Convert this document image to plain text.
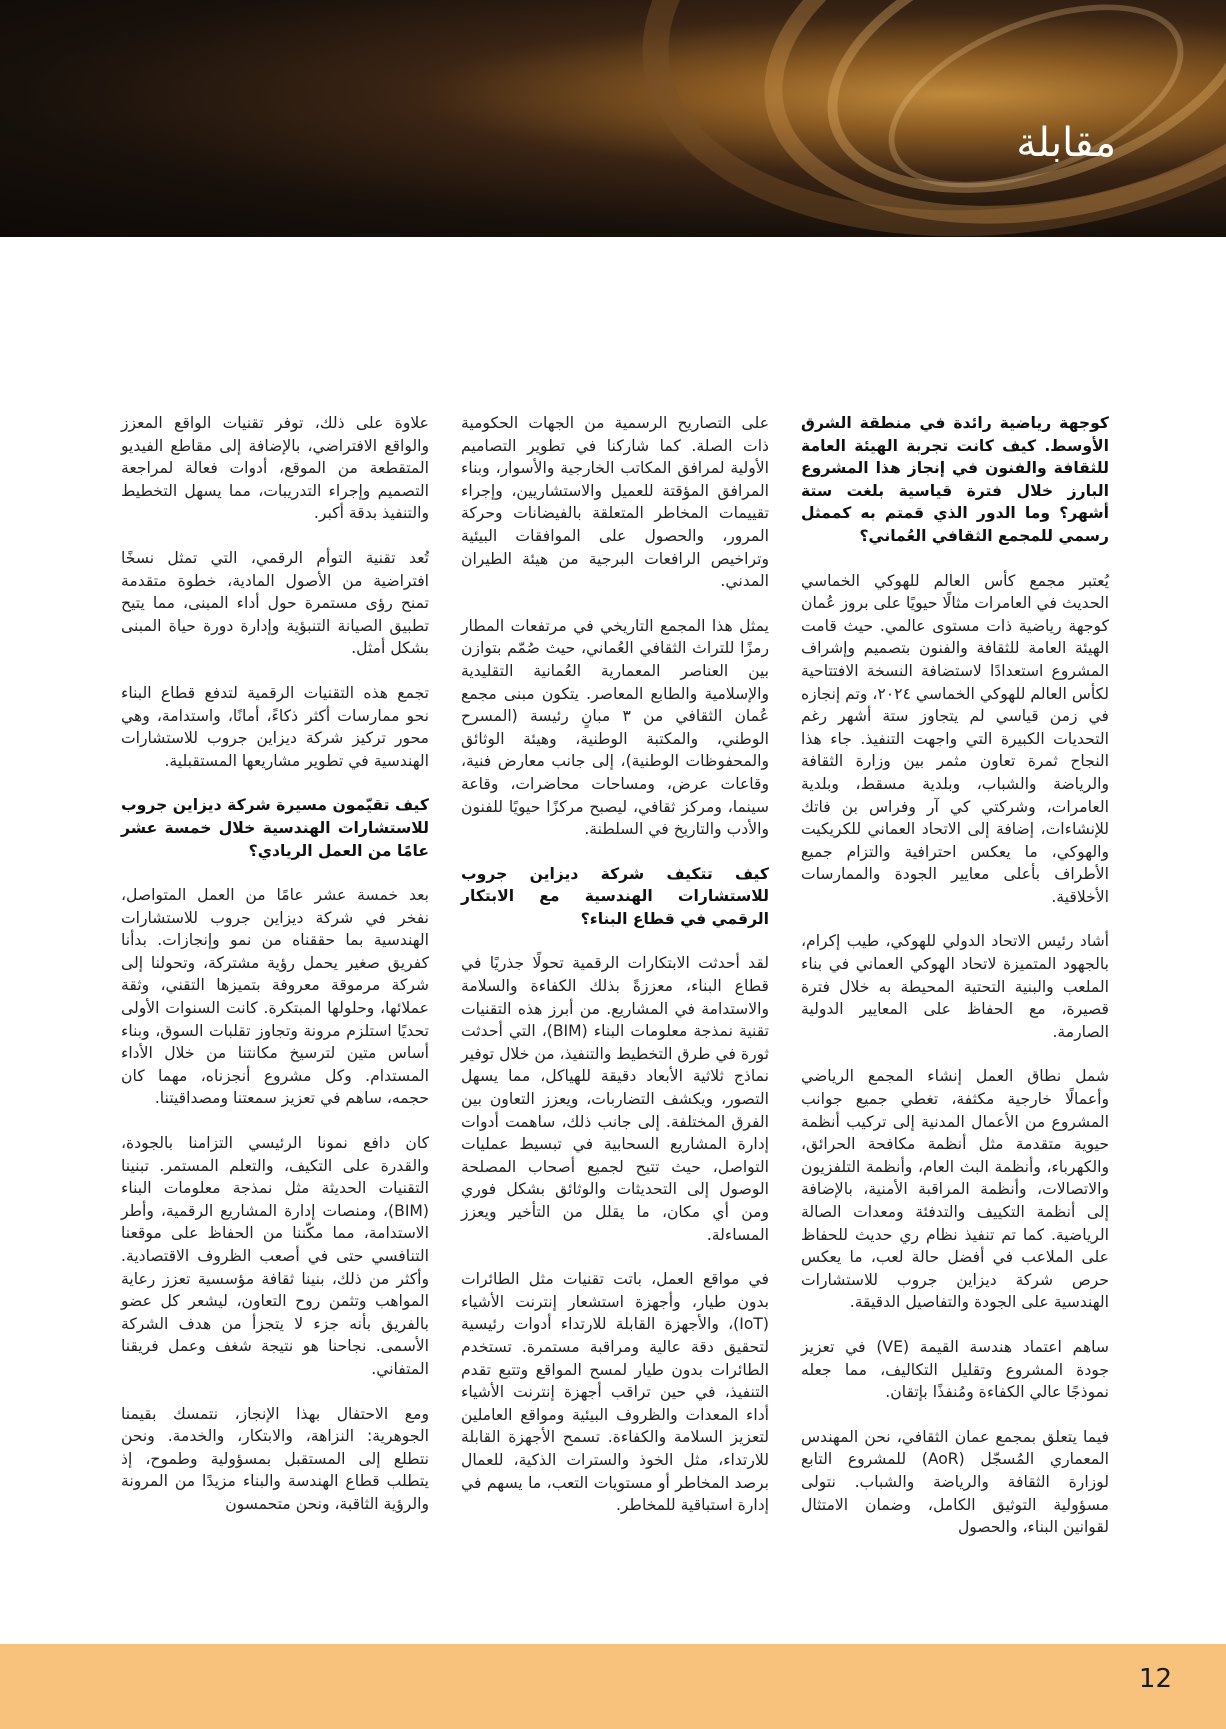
مقابلة
كوجهة رياضية رائدة في منطقة الشرق الأوسط. كيف كانت تجربة الهيئة العامة للثقافة والفنون في إنجاز هذا المشروع البارز خلال فترة قياسية بلغت ستة أشهر؟ وما الدور الذي قمتم به كممثل رسمي للمجمع الثقافي العُماني؟

يُعتبر مجمع كأس العالم للهوكي الخماسي الحديث في العامرات مثالًا حيويًا على بروز عُمان كوجهة رياضية ذات مستوى عالمي. حيث قامت الهيئة العامة للثقافة والفنون بتصميم وإشراف المشروع استعدادًا لاستضافة النسخة الافتتاحية لكأس العالم للهوكي الخماسي ٢٠٢٤، وتم إنجازه في زمن قياسي لم يتجاوز ستة أشهر رغم التحديات الكبيرة التي واجهت التنفيذ. جاء هذا النجاح ثمرة تعاون مثمر بين وزارة الثقافة والرياضة والشباب، وبلدية مسقط، وبلدية العامرات، وشركتي كي آر وفراس بن فاتك للإنشاءات، إضافة إلى الاتحاد العماني للكريكيت والهوكي، ما يعكس احترافية والتزام جميع الأطراف بأعلى معايير الجودة والممارسات الأخلاقية.

أشاد رئيس الاتحاد الدولي للهوكي، طيب إكرام، بالجهود المتميزة لاتحاد الهوكي العماني في بناء الملعب والبنية التحتية المحيطة به خلال فترة قصيرة، مع الحفاظ على المعايير الدولية الصارمة.

شمل نطاق العمل إنشاء المجمع الرياضي وأعمالًا خارجية مكثفة، تغطي جميع جوانب المشروع من الأعمال المدنية إلى تركيب أنظمة حيوية متقدمة مثل أنظمة مكافحة الحرائق، والكهرباء، وأنظمة البث العام، وأنظمة التلفزيون والاتصالات، وأنظمة المراقبة الأمنية، بالإضافة إلى أنظمة التكييف والتدفئة ومعدات الصالة الرياضية. كما تم تنفيذ نظام ري حديث للحفاظ على الملاعب في أفضل حالة لعب، ما يعكس حرص شركة ديزاين جروب للاستشارات الهندسية على الجودة والتفاصيل الدقيقة.

ساهم اعتماد هندسة القيمة (VE) في تعزيز جودة المشروع وتقليل التكاليف، مما جعله نموذجًا عالي الكفاءة ومُنفذًا بإتقان.

فيما يتعلق بمجمع عمان الثقافي، نحن المهندس المعماري المُسجّل (AoR) للمشروع التابع لوزارة الثقافة والرياضة والشباب. نتولى مسؤولية التوثيق الكامل، وضمان الامتثال لقوانين البناء، والحصول

على التصاريح الرسمية من الجهات الحكومية ذات الصلة. كما شاركنا في تطوير التصاميم الأولية لمرافق المكاتب الخارجية والأسوار، وبناء المرافق المؤقتة للعميل والاستشاريين، وإجراء تقييمات المخاطر المتعلقة بالفيضانات وحركة المرور، والحصول على الموافقات البيئية وتراخيص الرافعات البرجية من هيئة الطيران المدني.

يمثل هذا المجمع التاريخي في مرتفعات المطار رمزًا للتراث الثقافي العُماني، حيث صُمّم بتوازن بين العناصر المعمارية العُمانية التقليدية والإسلامية والطابع المعاصر. يتكون مبنى مجمع عُمان الثقافي من ٣ مبانٍ رئيسة (المسرح الوطني، والمكتبة الوطنية، وهيئة الوثائق والمحفوظات الوطنية)، إلى جانب معارض فنية، وقاعات عرض، ومساحات محاضرات، وقاعة سينما، ومركز ثقافي، ليصبح مركزًا حيويًا للفنون والأدب والتاريخ في السلطنة.

كيف تتكيف شركة ديزاين جروب للاستشارات الهندسية مع الابتكار الرقمي في قطاع البناء؟

لقد أحدثت الابتكارات الرقمية تحولًا جذريًا في قطاع البناء، معززةً بذلك الكفاءة والسلامة والاستدامة في المشاريع. من أبرز هذه التقنيات تقنية نمذجة معلومات البناء (BIM)، التي أحدثت ثورة في طرق التخطيط والتنفيذ، من خلال توفير نماذج ثلاثية الأبعاد دقيقة للهياكل، مما يسهل التصور، ويكشف التضاربات، ويعزز التعاون بين الفرق المختلفة. إلى جانب ذلك، ساهمت أدوات إدارة المشاريع السحابية في تبسيط عمليات التواصل، حيث تتيح لجميع أصحاب المصلحة الوصول إلى التحديثات والوثائق بشكل فوري ومن أي مكان، ما يقلل من التأخير ويعزز المساءلة.

في مواقع العمل، باتت تقنيات مثل الطائرات بدون طيار، وأجهزة استشعار إنترنت الأشياء (IoT)، والأجهزة القابلة للارتداء أدوات رئيسية لتحقيق دقة عالية ومراقبة مستمرة. تستخدم الطائرات بدون طيار لمسح المواقع وتتبع تقدم التنفيذ، في حين تراقب أجهزة إنترنت الأشياء أداء المعدات والظروف البيئية ومواقع العاملين لتعزيز السلامة والكفاءة. تسمح الأجهزة القابلة للارتداء، مثل الخوذ والسترات الذكية، للعمال برصد المخاطر أو مستويات التعب، ما يسهم في إدارة استباقية للمخاطر.

علاوة على ذلك، توفر تقنيات الواقع المعزز والواقع الافتراضي، بالإضافة إلى مقاطع الفيديو المتقطعة من الموقع، أدوات فعالة لمراجعة التصميم وإجراء التدريبات، مما يسهل التخطيط والتنفيذ بدقة أكبر.

تُعد تقنية التوأم الرقمي، التي تمثل نسخًا افتراضية من الأصول المادية، خطوة متقدمة تمنح رؤى مستمرة حول أداء المبنى، مما يتيح تطبيق الصيانة التنبؤية وإدارة دورة حياة المبنى بشكل أمثل.

تجمع هذه التقنيات الرقمية لتدفع قطاع البناء نحو ممارسات أكثر ذكاءً، أمانًا، واستدامة، وهي محور تركيز شركة ديزاين جروب للاستشارات الهندسية في تطوير مشاريعها المستقبلية.

كيف تقيّمون مسيرة شركة ديزاين جروب للاستشارات الهندسية خلال خمسة عشر عامًا من العمل الريادي؟

بعد خمسة عشر عامًا من العمل المتواصل، نفخر في شركة ديزاين جروب للاستشارات الهندسية بما حققناه من نمو وإنجازات. بدأنا كفريق صغير يحمل رؤية مشتركة، وتحولنا إلى شركة مرموقة معروفة بتميزها التقني، وثقة عملائها، وحلولها المبتكرة. كانت السنوات الأولى تحديًا استلزم مرونة وتجاوز تقلبات السوق، وبناء أساس متين لترسيخ مكانتنا من خلال الأداء المستدام. وكل مشروع أنجزناه، مهما كان حجمه، ساهم في تعزيز سمعتنا ومصداقيتنا.

كان دافع نمونا الرئيسي التزامنا بالجودة، والقدرة على التكيف، والتعلم المستمر. تبنينا التقنيات الحديثة مثل نمذجة معلومات البناء (BIM)، ومنصات إدارة المشاريع الرقمية، وأطر الاستدامة، مما مكّننا من الحفاظ على موقعنا التنافسي حتى في أصعب الظروف الاقتصادية. وأكثر من ذلك، بنينا ثقافة مؤسسية تعزز رعاية المواهب وتثمن روح التعاون، ليشعر كل عضو بالفريق بأنه جزء لا يتجزأ من هدف الشركة الأسمى. نجاحنا هو نتيجة شغف وعمل فريقنا المتفاني.

ومع الاحتفال بهذا الإنجاز، نتمسك بقيمنا الجوهرية: النزاهة، والابتكار، والخدمة. ونحن نتطلع إلى المستقبل بمسؤولية وطموح، إذ يتطلب قطاع الهندسة والبناء مزيدًا من المرونة والرؤية الثاقبة، ونحن متحمسون

12
